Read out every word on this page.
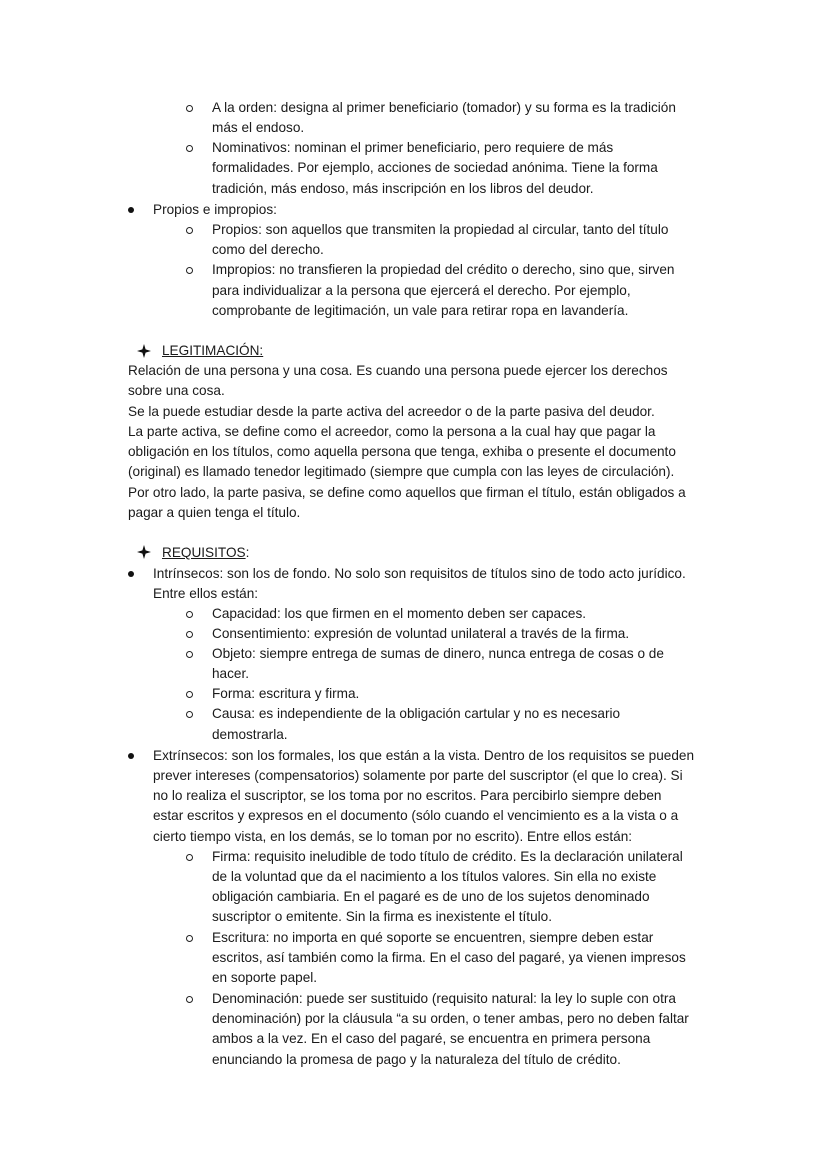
A la orden: designa al primer beneficiario (tomador) y su forma es la tradición
más el endoso.
Nominativos: nominan el primer beneficiario, pero requiere de más
formalidades. Por ejemplo, acciones de sociedad anónima. Tiene la forma
tradición, más endoso, más inscripción en los libros del deudor.
Propios e impropios:
Propios: son aquellos que transmiten la propiedad al circular, tanto del título
como del derecho.
Impropios: no transfieren la propiedad del crédito o derecho, sino que, sirven
para individualizar a la persona que ejercerá el derecho. Por ejemplo,
comprobante de legitimación, un vale para retirar ropa en lavandería.
LEGITIMACIÓN:
Relación de una persona y una cosa. Es cuando una persona puede ejercer los derechos
sobre una cosa.
Se la puede estudiar desde la parte activa del acreedor o de la parte pasiva del deudor.
La parte activa, se define como el acreedor, como la persona a la cual hay que pagar la
obligación en los títulos, como aquella persona que tenga, exhiba o presente el documento
(original) es llamado tenedor legitimado (siempre que cumpla con las leyes de circulación).
Por otro lado, la parte pasiva, se define como aquellos que firman el título, están obligados a
pagar a quien tenga el título.
REQUISITOS:
Intrínsecos: son los de fondo. No solo son requisitos de títulos sino de todo acto jurídico.
Entre ellos están:
Capacidad: los que firmen en el momento deben ser capaces.
Consentimiento: expresión de voluntad unilateral a través de la firma.
Objeto: siempre entrega de sumas de dinero, nunca entrega de cosas o de
hacer.
Forma: escritura y firma.
Causa: es independiente de la obligación cartular y no es necesario
demostrarla.
Extrínsecos: son los formales, los que están a la vista. Dentro de los requisitos se pueden
prever intereses (compensatorios) solamente por parte del suscriptor (el que lo crea). Si
no lo realiza el suscriptor, se los toma por no escritos. Para percibirlo siempre deben
estar escritos y expresos en el documento (sólo cuando el vencimiento es a la vista o a
cierto tiempo vista, en los demás, se lo toman por no escrito). Entre ellos están:
Firma: requisito ineludible de todo título de crédito. Es la declaración unilateral
de la voluntad que da el nacimiento a los títulos valores. Sin ella no existe
obligación cambiaria. En el pagaré es de uno de los sujetos denominado
suscriptor o emitente. Sin la firma es inexistente el título.
Escritura: no importa en qué soporte se encuentren, siempre deben estar
escritos, así también como la firma. En el caso del pagaré, ya vienen impresos
en soporte papel.
Denominación: puede ser sustituido (requisito natural: la ley lo suple con otra
denominación) por la cláusula “a su orden, o tener ambas, pero no deben faltar
ambos a la vez. En el caso del pagaré, se encuentra en primera persona
enunciando la promesa de pago y la naturaleza del título de crédito.
